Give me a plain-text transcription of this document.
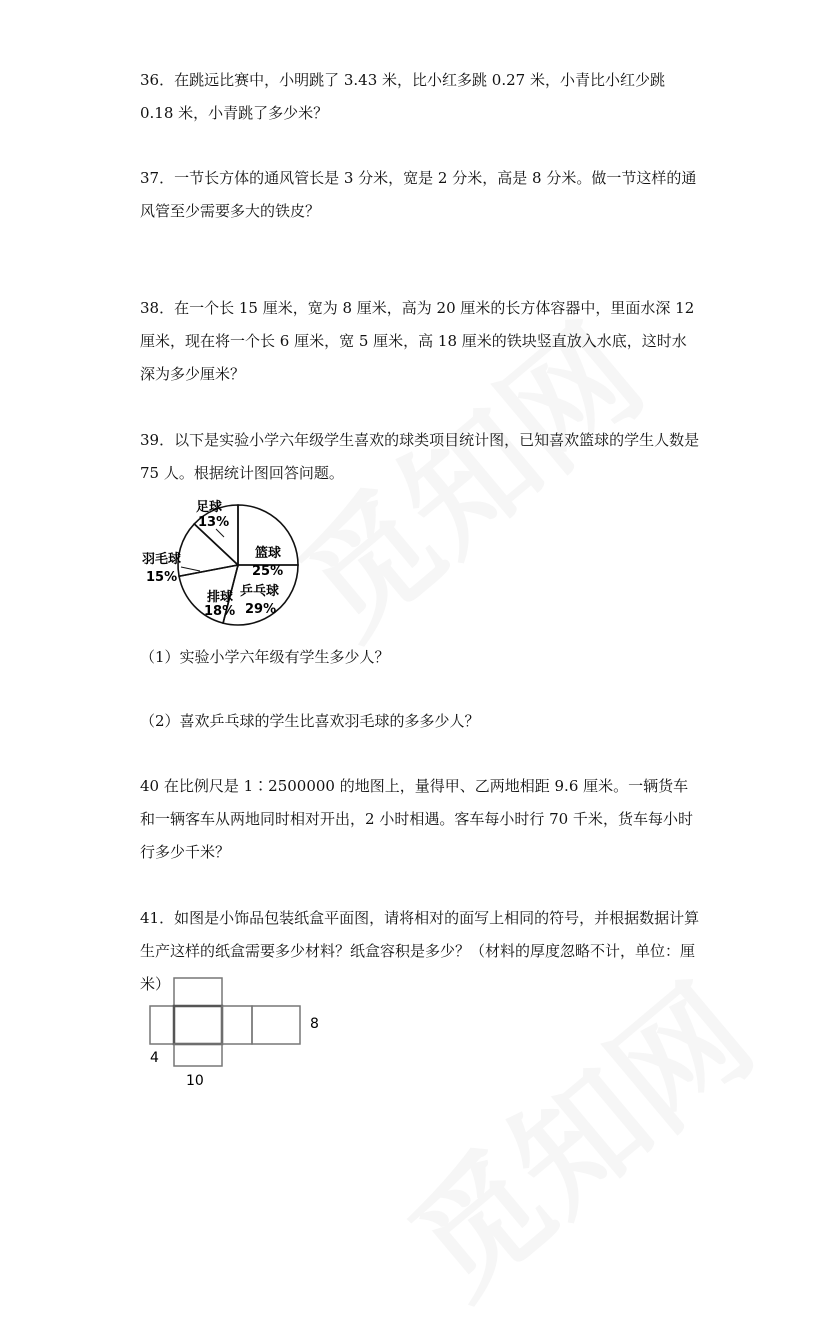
36．在跳远比赛中，小明跳了 3.43 米，比小红多跳 0.27 米，小青比小红少跳 0.18 米，小青跳了多少米？

37．一节长方体的通风管长是 3 分米，宽是 2 分米，高是 8 分米。做一节这样的通风管至少需要多大的铁皮？

38．在一个长 15 厘米，宽为 8 厘米，高为 20 厘米的长方体容器中，里面水深 12 厘米，现在将一个长 6 厘米，宽 5 厘米，高 18 厘米的铁块竖直放入水底，这时水深为多少厘米？

39．以下是实验小学六年级学生喜欢的球类项目统计图，已知喜欢篮球的学生人数是 75 人。根据统计图回答问题。

篮球
25%
乒乓球
29%
排球
18%
羽毛球
15%
足球
13%

（1）实验小学六年级有学生多少人？

（2）喜欢乒乓球的学生比喜欢羽毛球的多多少人？

40 在比例尺是 1∶2500000 的地图上，量得甲、乙两地相距 9.6 厘米。一辆货车和一辆客车从两地同时相对开出，2 小时相遇。客车每小时行 70 千米，货车每小时行多少千米？

41．如图是小饰品包装纸盒平面图，请将相对的面写上相同的符号，并根据数据计算生产这样的纸盒需要多少材料？纸盒容积是多少？（材料的厚度忽略不计，单位：厘米）

8
4
10
